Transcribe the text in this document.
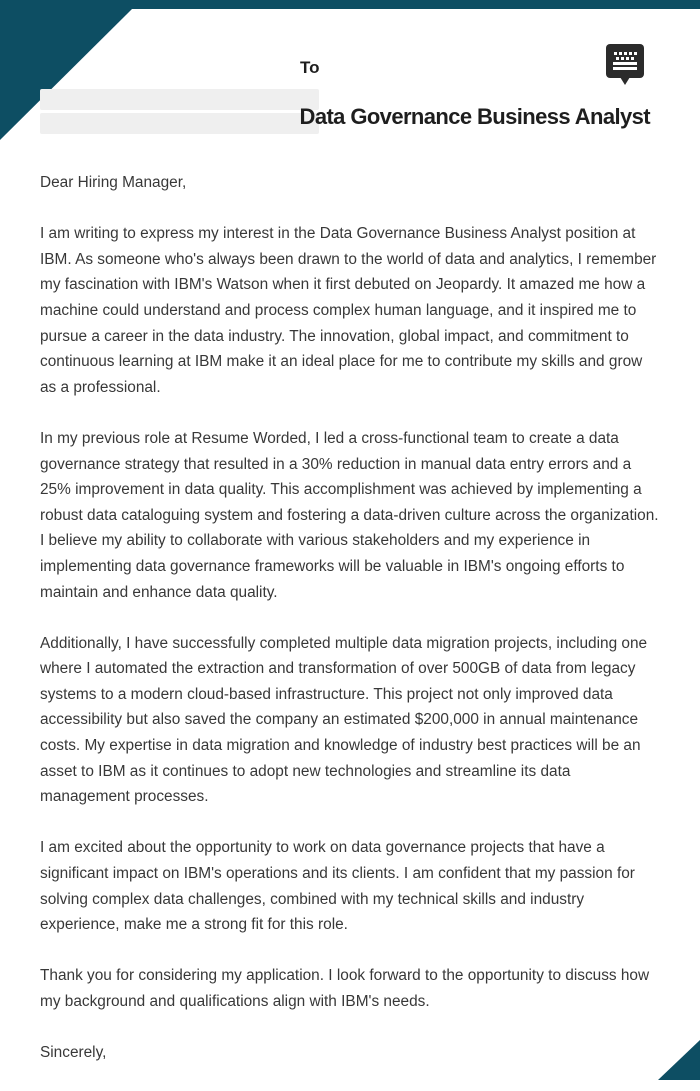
To
Data Governance Business Analyst

Dear Hiring Manager,

I am writing to express my interest in the Data Governance Business Analyst position at IBM. As someone who's always been drawn to the world of data and analytics, I remember my fascination with IBM's Watson when it first debuted on Jeopardy. It amazed me how a machine could understand and process complex human language, and it inspired me to pursue a career in the data industry. The innovation, global impact, and commitment to continuous learning at IBM make it an ideal place for me to contribute my skills and grow as a professional.

In my previous role at Resume Worded, I led a cross-functional team to create a data governance strategy that resulted in a 30% reduction in manual data entry errors and a 25% improvement in data quality. This accomplishment was achieved by implementing a robust data cataloguing system and fostering a data-driven culture across the organization. I believe my ability to collaborate with various stakeholders and my experience in implementing data governance frameworks will be valuable in IBM's ongoing efforts to maintain and enhance data quality.

Additionally, I have successfully completed multiple data migration projects, including one where I automated the extraction and transformation of over 500GB of data from legacy systems to a modern cloud-based infrastructure. This project not only improved data accessibility but also saved the company an estimated $200,000 in annual maintenance costs. My expertise in data migration and knowledge of industry best practices will be an asset to IBM as it continues to adopt new technologies and streamline its data management processes.

I am excited about the opportunity to work on data governance projects that have a significant impact on IBM's operations and its clients. I am confident that my passion for solving complex data challenges, combined with my technical skills and industry experience, make me a strong fit for this role.

Thank you for considering my application. I look forward to the opportunity to discuss how my background and qualifications align with IBM's needs.

Sincerely,
